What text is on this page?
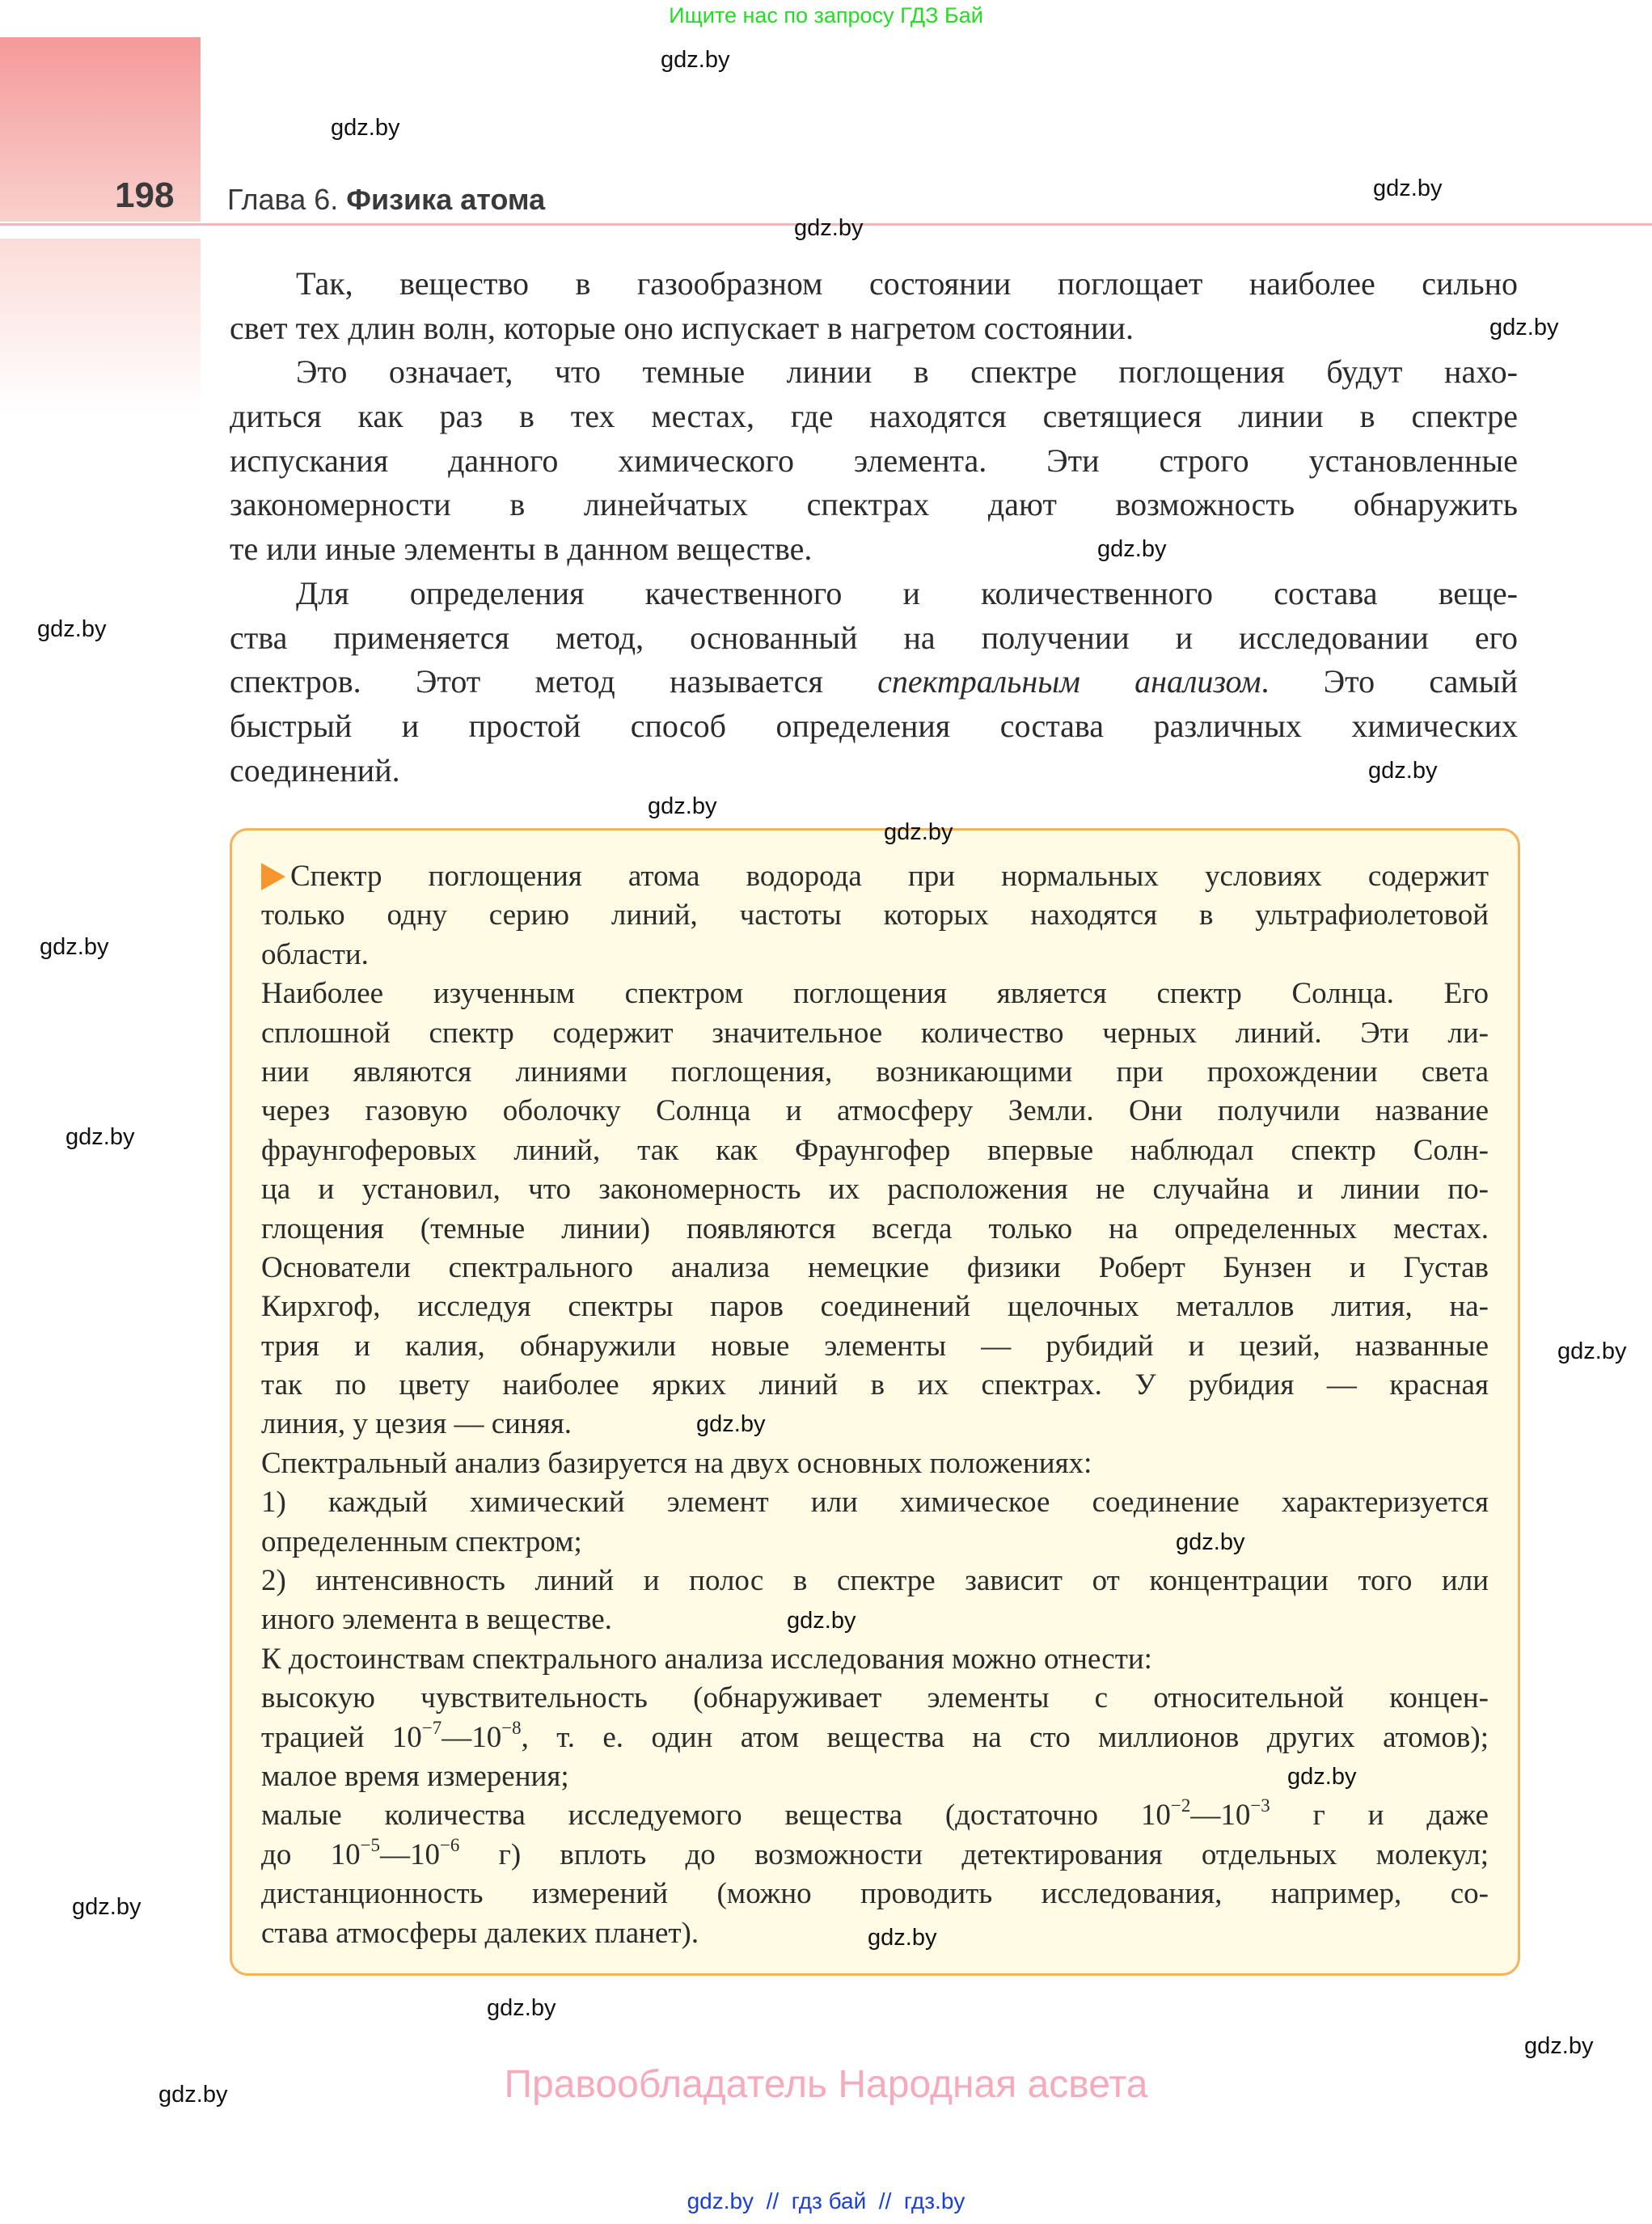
Ищите нас по запросу ГДЗ Бай
198 Глава 6. Физика атома
Так, вещество в газообразном состоянии поглощает наиболее сильно
свет тех длин волн, которые оно испускает в нагретом состоянии.
Это означает, что темные линии в спектре поглощения будут нахо-
диться как раз в тех местах, где находятся светящиеся линии в спектре
испускания данного химического элемента. Эти строго установленные
закономерности в линейчатых спектрах дают возможность обнаружить
те или иные элементы в данном веществе.
Для определения качественного и количественного состава веще-
ства применяется метод, основанный на получении и исследовании его
спектров. Этот метод называется спектральным анализом. Это самый
быстрый и простой способ определения состава различных химических
соединений.
Спектр поглощения атома водорода при нормальных условиях содержит
только одну серию линий, частоты которых находятся в ультрафиолетовой
области.
Наиболее изученным спектром поглощения является спектр Солнца. Его
сплошной спектр содержит значительное количество черных линий. Эти ли-
нии являются линиями поглощения, возникающими при прохождении света
через газовую оболочку Солнца и атмосферу Земли. Они получили название
фраунгоферовых линий, так как Фраунгофер впервые наблюдал спектр Солн-
ца и установил, что закономерность их расположения не случайна и линии по-
глощения (темные линии) появляются всегда только на определенных местах.
Основатели спектрального анализа немецкие физики Роберт Бунзен и Густав
Кирхгоф, исследуя спектры паров соединений щелочных металлов лития, на-
трия и калия, обнаружили новые элементы — рубидий и цезий, названные
так по цвету наиболее ярких линий в их спектрах. У рубидия — красная
линия, у цезия — синяя.
Спектральный анализ базируется на двух основных положениях:
1) каждый химический элемент или химическое соединение характеризуется
определенным спектром;
2) интенсивность линий и полос в спектре зависит от концентрации того или
иного элемента в веществе.
К достоинствам спектрального анализа исследования можно отнести:
высокую чувствительность (обнаруживает элементы с относительной концен-
трацией $10^{-7}—10^{-8}$, т. е. один атом вещества на сто миллионов других атомов);
малое время измерения;
малые количества исследуемого вещества (достаточно $10^{-2}—10^{-3}$ г и даже
до $10^{-5}—10^{-6}$ г) вплоть до возможности детектирования отдельных молекул;
дистанционность измерений (можно проводить исследования, например, со-
става атмосферы далеких планет).
gdz.by
gdz.by
gdz.by
gdz.by
gdz.by
gdz.by
gdz.by
gdz.by
gdz.by
gdz.by
gdz.by
gdz.by
gdz.by
gdz.by
gdz.by
gdz.by
gdz.by
gdz.by
gdz.by
gdz.by
gdz.by
gdz.by	Правообладатель Народная асвета
gdz.by  //  гдз бай  //  гдз.by
